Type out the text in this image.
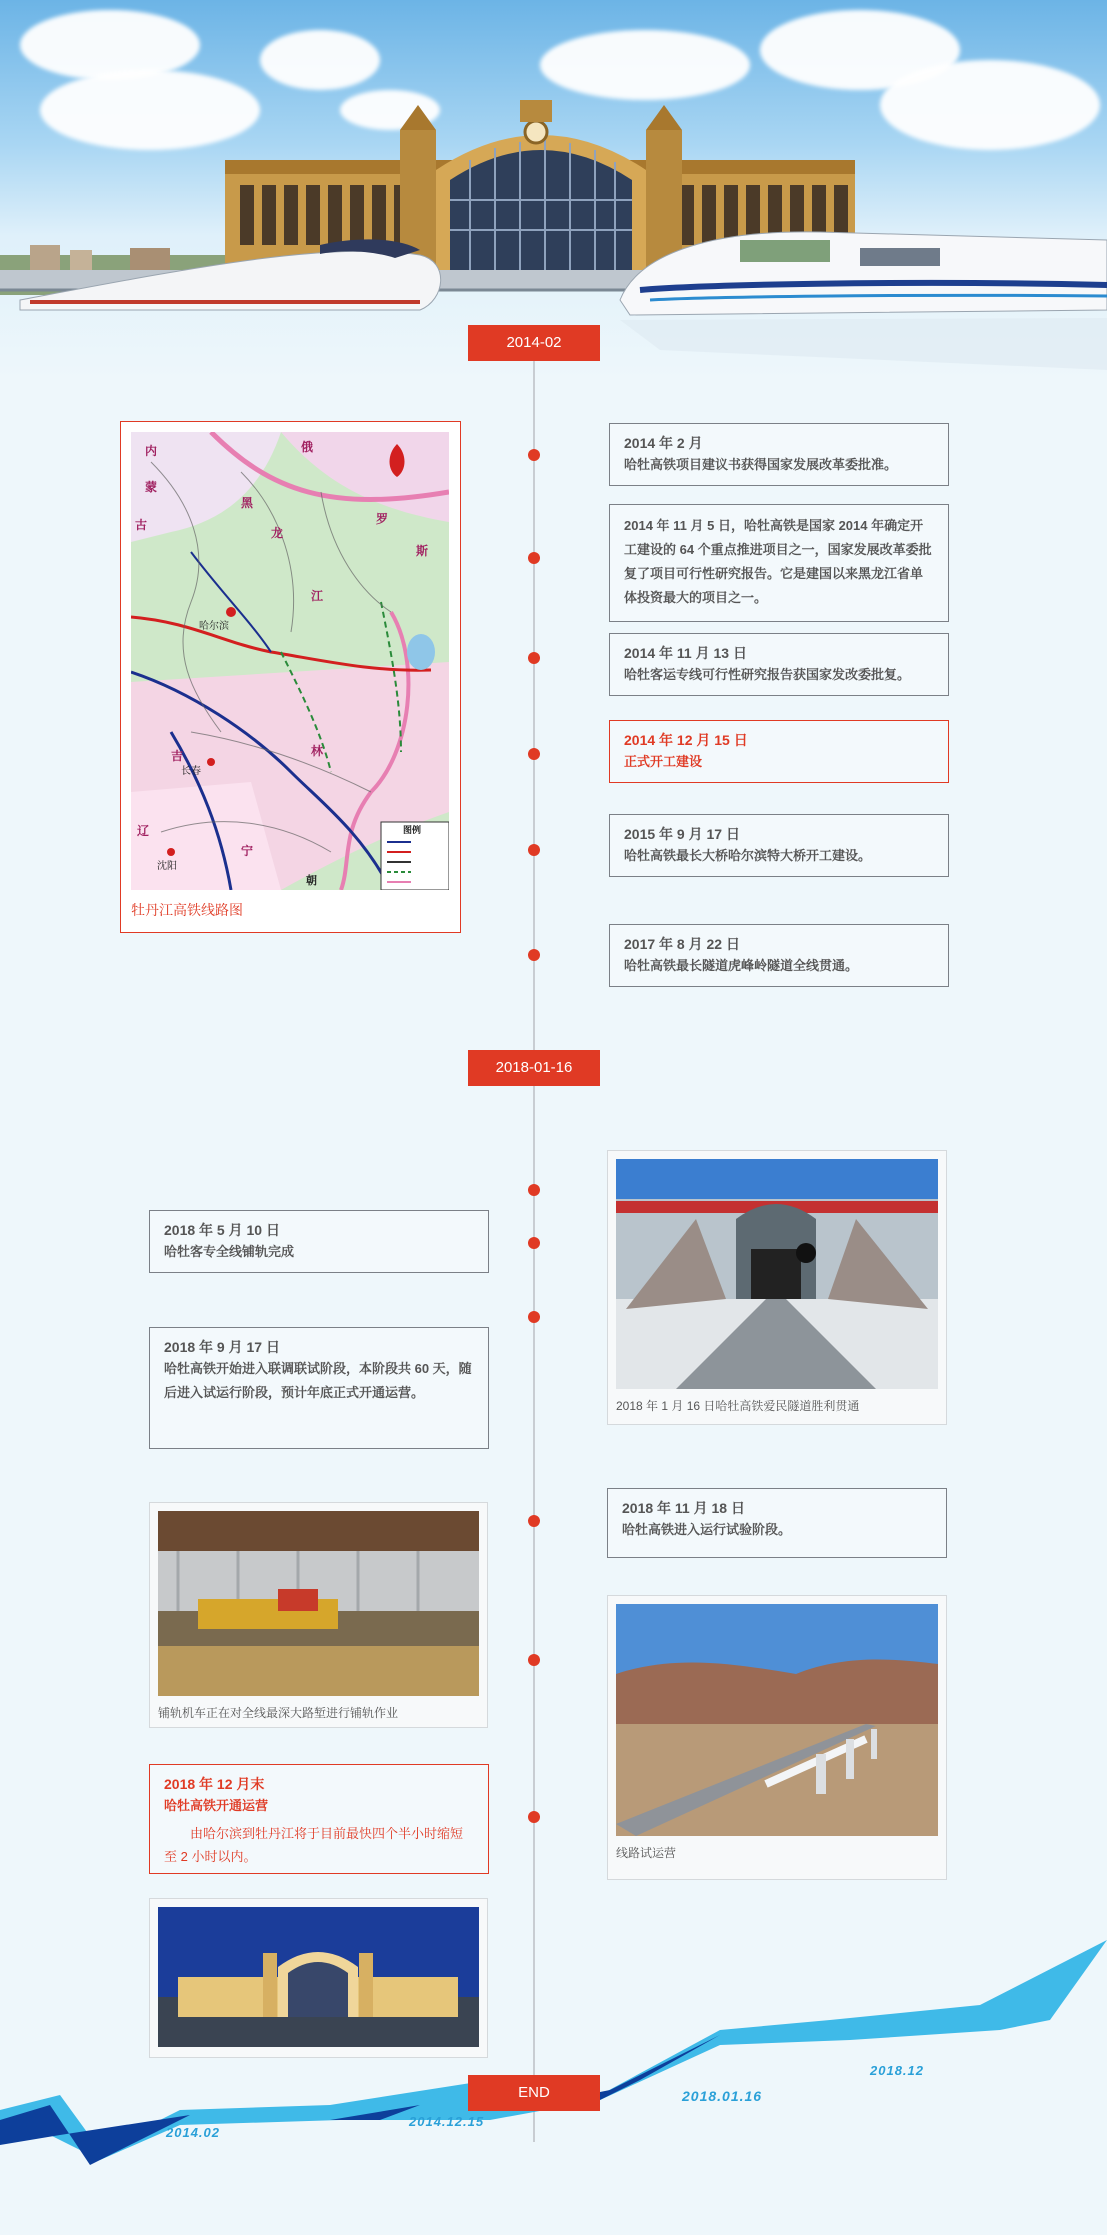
2014-02
俄
罗
斯
内
蒙
古
黑
龙
江
吉	林
辽
宁
长春
哈尔滨
沈阳
图例
朝
牡丹江高铁线路图
2014 年 2 月
哈牡高铁项目建议书获得国家发展改革委批准。
2014 年 11 月 5 日，哈牡高铁是国家 2014 年确定开工建设的 64 个重点推进项目之一，国家发展改革委批复了项目可行性研究报告。它是建国以来黑龙江省单体投资最大的项目之一。
2014 年 11 月 13 日
哈牡客运专线可行性研究报告获国家发改委批复。
2014 年 12 月 15 日
正式开工建设
2015 年 9 月 17 日
哈牡高铁最长大桥哈尔滨特大桥开工建设。
2017 年 8 月 22 日
哈牡高铁最长隧道虎峰岭隧道全线贯通。
2018-01-16
2018 年 1 月 16 日哈牡高铁爱民隧道胜利贯通
2018 年 5 月 10 日
哈牡客专全线铺轨完成
2018 年 9 月 17 日
哈牡高铁开始进入联调联试阶段，本阶段共 60 天，随后进入试运行阶段，预计年底正式开通运营。
2018 年 11 月 18 日
哈牡高铁进入运行试验阶段。
铺轨机车正在对全线最深大路堑进行铺轨作业
线路试运营
2018 年 12 月末
哈牡高铁开通运营
由哈尔滨到牡丹江将于目前最快四个半小时缩短至 2 小时以内。
2014.02
2014.12.15
2018.01.16
2018.12
END
